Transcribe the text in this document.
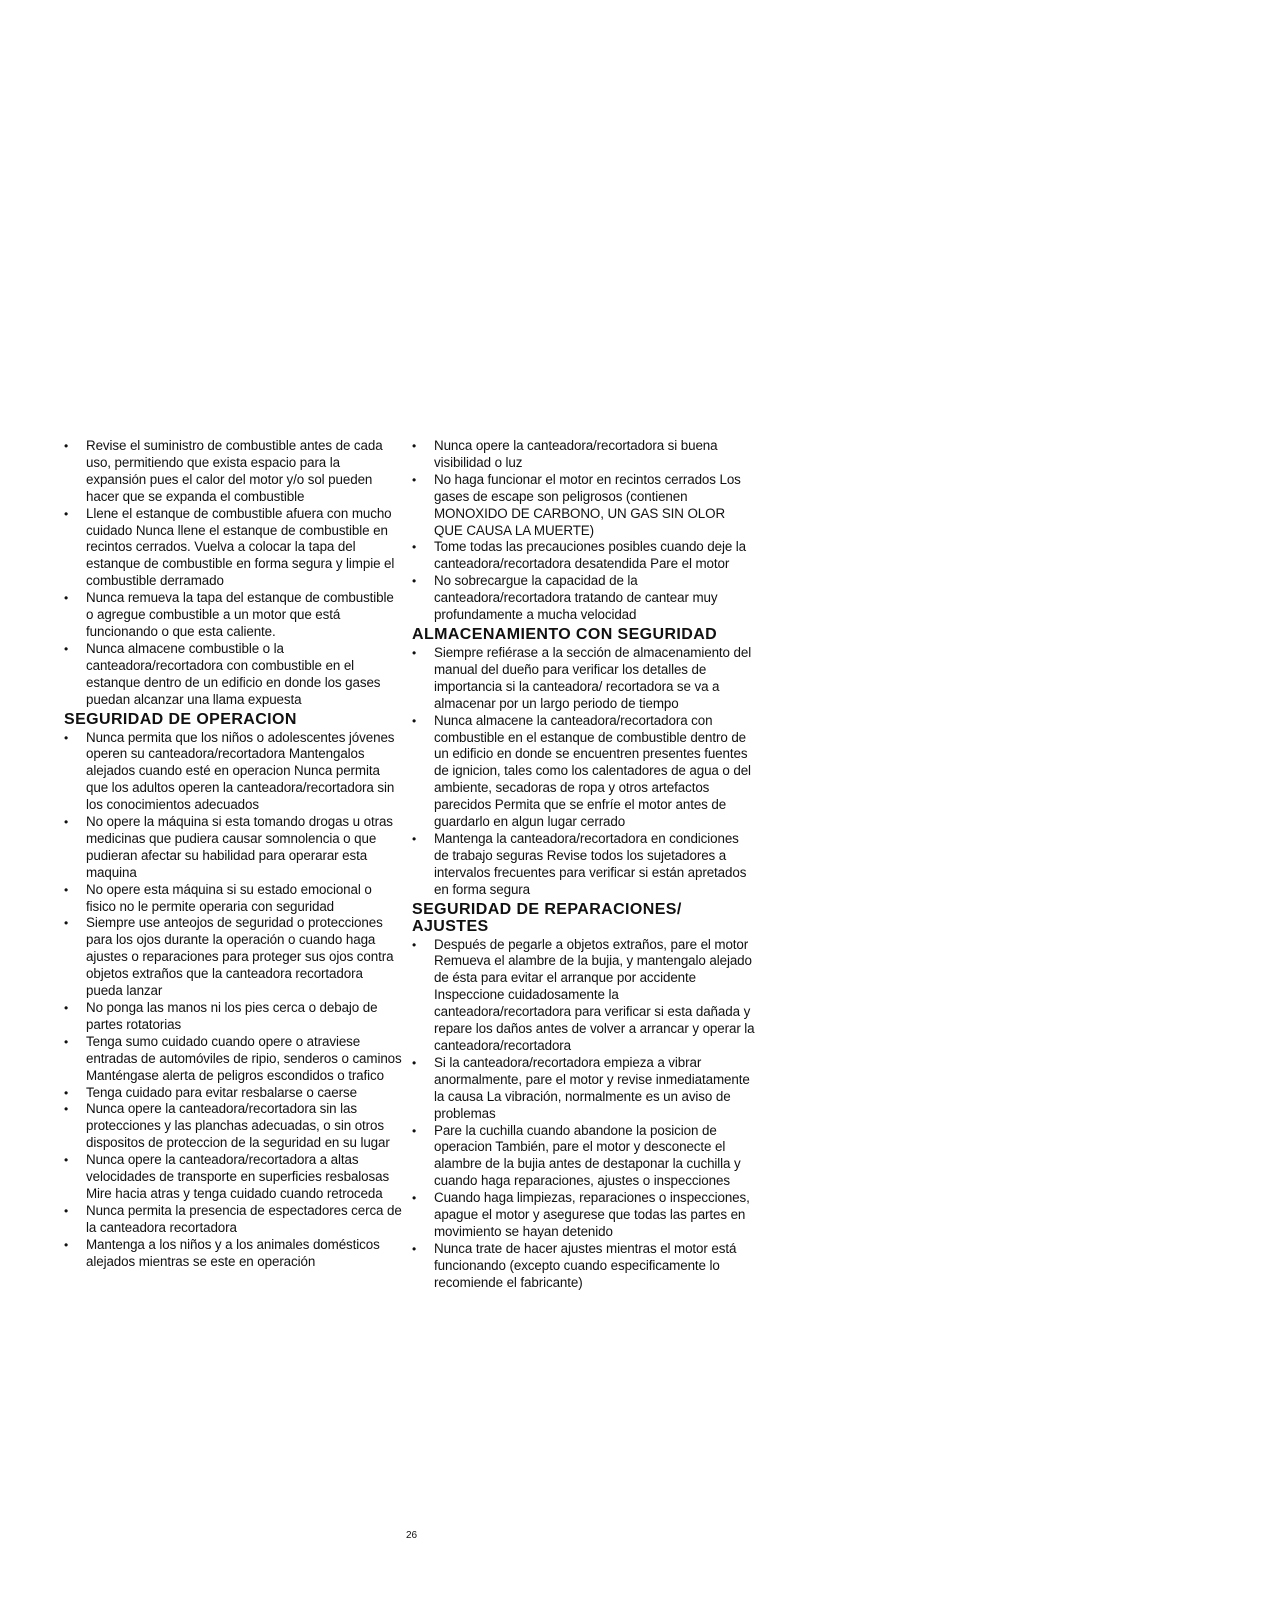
• Revise el suministro de combustible antes de cada uso, permitiendo que exista espacio para la expansión pues el calor del motor y/o sol pueden hacer que se expanda el combustible
• Llene el estanque de combustible afuera con mucho cuidado Nunca llene el estanque de combustible en recintos cerrados. Vuelva a colocar la tapa del estanque de combustible en forma segura y limpie el combustible derramado
• Nunca remueva la tapa del estanque de combustible o agregue combustible a un motor que está funcionando o que esta caliente.
• Nunca almacene combustible o la canteadora/recortadora con combustible en el estanque dentro de un edificio en donde los gases puedan alcanzar una llama expuesta
SEGURIDAD DE OPERACION
• Nunca permita que los niños o adolescentes jóvenes operen su canteadora/recortadora Mantengalos alejados cuando esté en operacion Nunca permita que los adultos operen la canteadora/recortadora sin los conocimientos adecuados
• No opere la máquina si esta tomando drogas u otras medicinas que pudiera causar somnolencia o que pudieran afectar su habilidad para operarar esta maquina
• No opere esta máquina si su estado emocional o fisico no le permite operaria con seguridad
• Siempre use anteojos de seguridad o protecciones para los ojos durante la operación o cuando haga ajustes o reparaciones para proteger sus ojos contra objetos extraños que la canteadora recortadora pueda lanzar
• No ponga las manos ni los pies cerca o debajo de partes rotatorias
• Tenga sumo cuidado cuando opere o atraviese entradas de automóviles de ripio, senderos o caminos Manténgase alerta de peligros escondidos o trafico
• Tenga cuidado para evitar resbalarse o caerse
• Nunca opere la canteadora/recortadora sin las protecciones y las planchas adecuadas, o sin otros dispositos de proteccion de la seguridad en su lugar
• Nunca opere la canteadora/recortadora a altas velocidades de transporte en superficies resbalosas Mire hacia atras y tenga cuidado cuando retroceda
• Nunca permita la presencia de espectadores cerca de la canteadora recortadora
• Mantenga a los niños y a los animales domésticos alejados mientras se este en operación
• Nunca opere la canteadora/recortadora si buena visibilidad o luz
• No haga funcionar el motor en recintos cerrados Los gases de escape son peligrosos (contienen MONOXIDO DE CARBONO, UN GAS SIN OLOR QUE CAUSA LA MUERTE)
• Tome todas las precauciones posibles cuando deje la canteadora/recortadora desatendida Pare el motor
• No sobrecargue la capacidad de la canteadora/recortadora tratando de cantear muy profundamente a mucha velocidad
ALMACENAMIENTO CON SEGURIDAD
• Siempre refiérase a la sección de almacenamiento del manual del dueño para verificar los detalles de importancia si la canteadora/ recortadora se va a almacenar por un largo periodo de tiempo
• Nunca almacene la canteadora/recortadora con combustible en el estanque de combustible dentro de un edificio en donde se encuentren presentes fuentes de ignicion, tales como los calentadores de agua o del ambiente, secadoras de ropa y otros artefactos parecidos Permita que se enfríe el motor antes de guardarlo en algun lugar cerrado
• Mantenga la canteadora/recortadora en condiciones de trabajo seguras Revise todos los sujetadores a intervalos frecuentes para verificar si están apretados en forma segura
SEGURIDAD DE REPARACIONES/ AJUSTES
• Después de pegarle a objetos extraños, pare el motor Remueva el alambre de la bujia, y mantengalo alejado de ésta para evitar el arranque por accidente Inspeccione cuidadosamente la canteadora/recortadora para verificar si esta dañada y repare los daños antes de volver a arrancar y operar la canteadora/recortadora
• Si la canteadora/recortadora empieza a vibrar anormalmente, pare el motor y revise inmediatamente la causa La vibración, normalmente es un aviso de problemas
• Pare la cuchilla cuando abandone la posicion de operacion También, pare el motor y desconecte el alambre de la bujia antes de destaponar la cuchilla y cuando haga reparaciones, ajustes o inspecciones
• Cuando haga limpiezas, reparaciones o inspecciones, apague el motor y asegurese que todas las partes en movimiento se hayan detenido
• Nunca trate de hacer ajustes mientras el motor está funcionando (excepto cuando especificamente lo recomiende el fabricante)
26
